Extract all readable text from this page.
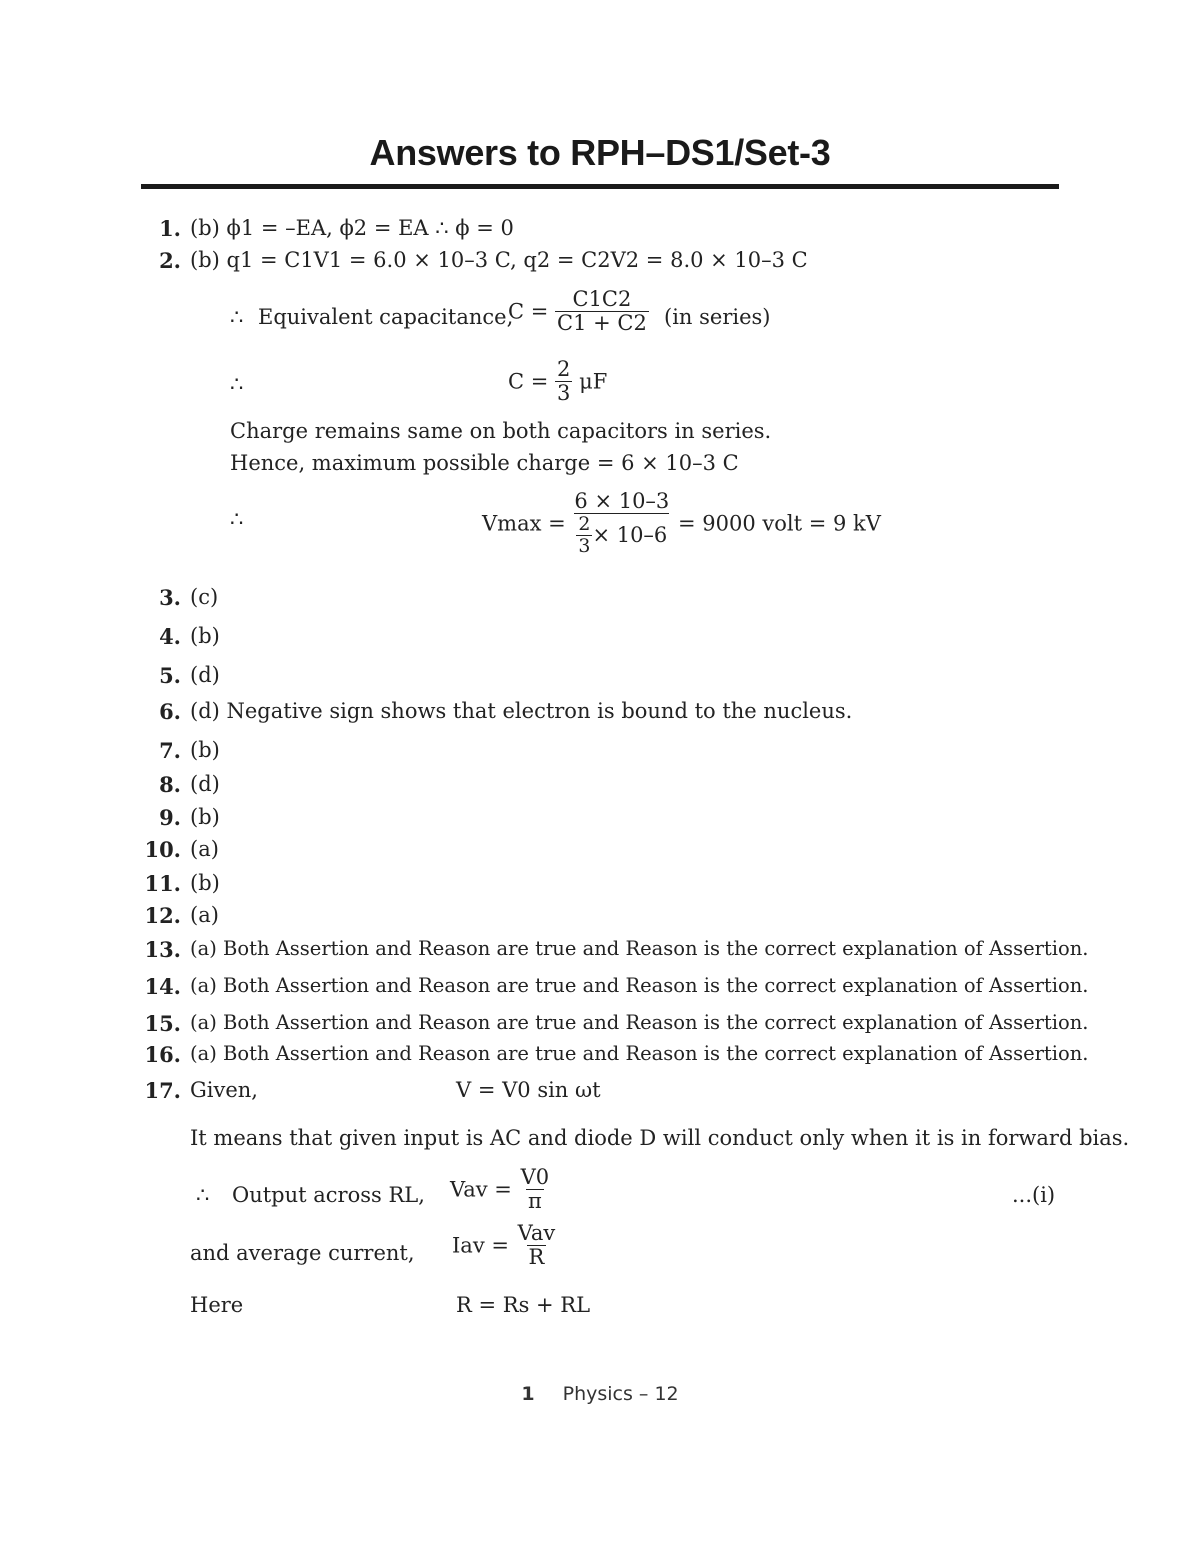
Answers to RPH–DS1/Set-3
1. (b) ϕ1 = –EA, ϕ2 = EA ∴ ϕ = 0
2. (b) q1 = C1V1 = 6.0 × 10–3 C, q2 = C2V2 = 8.0 × 10–3 C
∴ Equivalent capacitance,
$C = \frac{C1C2}{C1 + C2} (in$ series)
∴	$C = \frac{2}{3}$ μF
Charge remains same on both capacitors in series.
Hence, maximum possible charge = 6 × 10–3 C
∴	$Vmax = \frac{6 \times 10-3}{\frac{2}{3} \times 10-6} = 9000$ volt = 9 kV
3. (c)
4. (b)
5. (d)
6. (d) Negative sign shows that electron is bound to the nucleus.
7. (b)
8. (d)
9. (b)
10. (a)
11. (b)
12. (a)
13. (a) Both Assertion and Reason are true and Reason is the correct explanation of Assertion.
14. (a) Both Assertion and Reason are true and Reason is the correct explanation of Assertion.
15. (a) Both Assertion and Reason are true and Reason is the correct explanation of Assertion.
16. (a) Both Assertion and Reason are true and Reason is the correct explanation of Assertion.
17. Given,	V = V0 sin ωt
It means that given input is AC and diode D will conduct only when it is in forward bias.
∴ Output across RL, Vav = $\frac{V0}{\pi}$	...(i)
and average current, Iav = $\frac{\text{Vav}}{R}$
Here	R = Rs + RL
1 Physics – 12
